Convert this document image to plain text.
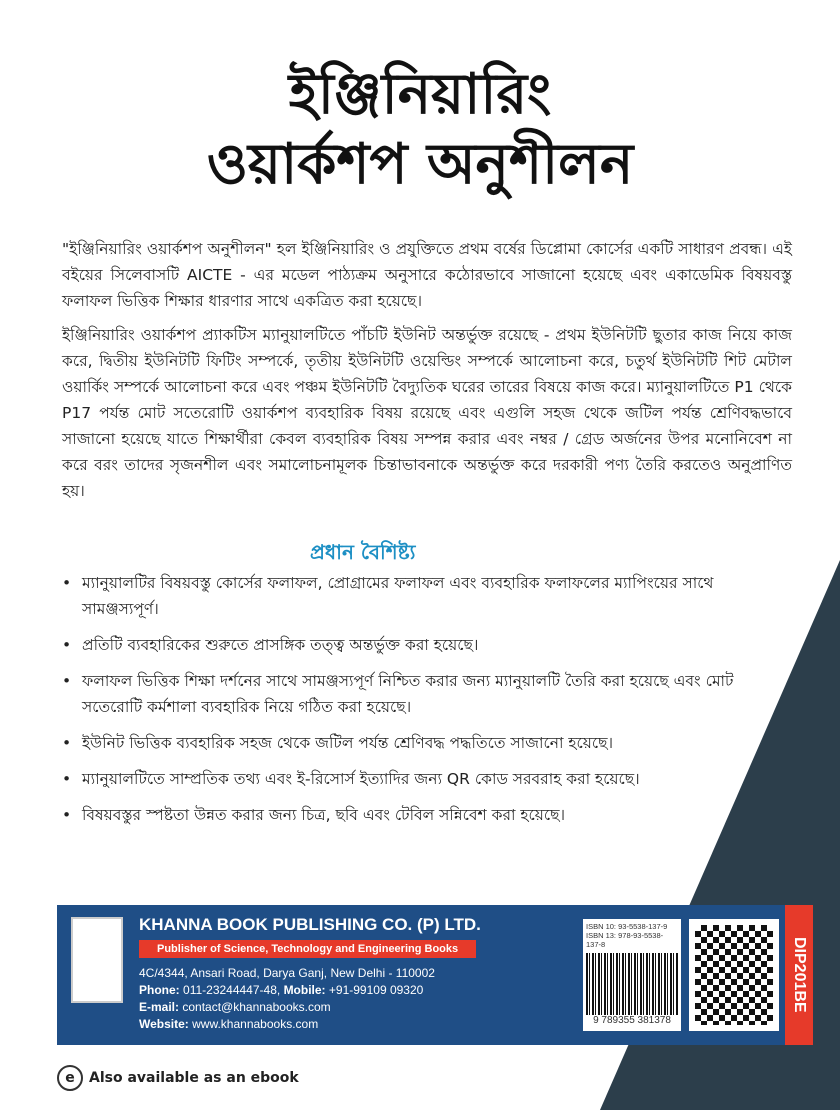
ইঞ্জিনিয়ারিং
ওয়ার্কশপ অনুশীলন

"ইঞ্জিনিয়ারিং ওয়ার্কশপ অনুশীলন" হল ইঞ্জিনিয়ারিং ও প্রযুক্তিতে প্রথম বর্ষের ডিপ্লোমা কোর্সের একটি সাধারণ প্রবন্ধ। এই বইয়ের সিলেবাসটি AICTE - এর মডেল পাঠ্যক্রম অনুসারে কঠোরভাবে সাজানো হয়েছে এবং একাডেমিক বিষয়বস্তু ফলাফল ভিত্তিক শিক্ষার ধারণার সাথে একত্রিত করা হয়েছে।

ইঞ্জিনিয়ারিং ওয়ার্কশপ প্র্যাকটিস ম্যানুয়ালটিতে পাঁচটি ইউনিট অন্তর্ভুক্ত রয়েছে - প্রথম ইউনিটটি ছুতার কাজ নিয়ে কাজ করে, দ্বিতীয় ইউনিটটি ফিটিং সম্পর্কে, তৃতীয় ইউনিটটি ওয়েল্ডিং সম্পর্কে আলোচনা করে, চতুর্থ ইউনিটটি শিট মেটাল ওয়ার্কিং সম্পর্কে আলোচনা করে এবং পঞ্চম ইউনিটটি বৈদ্যুতিক ঘরের তারের বিষয়ে কাজ করে। ম্যানুয়ালটিতে P1 থেকে P17 পর্যন্ত মোট সতেরোটি ওয়ার্কশপ ব্যবহারিক বিষয় রয়েছে এবং এগুলি সহজ থেকে জটিল পর্যন্ত শ্রেণিবদ্ধভাবে সাজানো হয়েছে যাতে শিক্ষার্থীরা কেবল ব্যবহারিক বিষয় সম্পন্ন করার এবং নম্বর / গ্রেড অর্জনের উপর মনোনিবেশ না করে বরং তাদের সৃজনশীল এবং সমালোচনামূলক চিন্তাভাবনাকে অন্তর্ভুক্ত করে দরকারী পণ্য তৈরি করতেও অনুপ্রাণিত হয়।

প্রধান বৈশিষ্ট্য
• ম্যানুয়ালটির বিষয়বস্তু কোর্সের ফলাফল, প্রোগ্রামের ফলাফল এবং ব্যবহারিক ফলাফলের ম্যাপিংয়ের সাথে সামঞ্জস্যপূর্ণ।
• প্রতিটি ব্যবহারিকের শুরুতে প্রাসঙ্গিক তত্ত্ব অন্তর্ভুক্ত করা হয়েছে।
• ফলাফল ভিত্তিক শিক্ষা দর্শনের সাথে সামঞ্জস্যপূর্ণ নিশ্চিত করার জন্য ম্যানুয়ালটি তৈরি করা হয়েছে এবং মোট সতেরোটি কর্মশালা ব্যবহারিক নিয়ে গঠিত করা হয়েছে।
• ইউনিট ভিত্তিক ব্যবহারিক সহজ থেকে জটিল পর্যন্ত শ্রেণিবদ্ধ পদ্ধতিতে সাজানো হয়েছে।
• ম্যানুয়ালটিতে সাম্প্রতিক তথ্য এবং ই-রিসোর্স ইত্যাদির জন্য QR কোড সরবরাহ করা হয়েছে।
• বিষয়বস্তুর স্পষ্টতা উন্নত করার জন্য চিত্র, ছবি এবং টেবিল সন্নিবেশ করা হয়েছে।
KHANNA BOOK PUBLISHING CO. (P) LTD.
Publisher of Science, Technology and Engineering Books
4C/4344, Ansari Road, Darya Ganj, New Delhi - 110002
Phone: 011-23244447-48, Mobile: +91-99109 09320
E-mail: contact@khannabooks.com
Website: www.khannabooks.com
ISBN 10: 93-5538-137-9
ISBN 13: 978-93-5538-137-8
9 789355 381378
DIP201BE
e	Also available as an ebook
